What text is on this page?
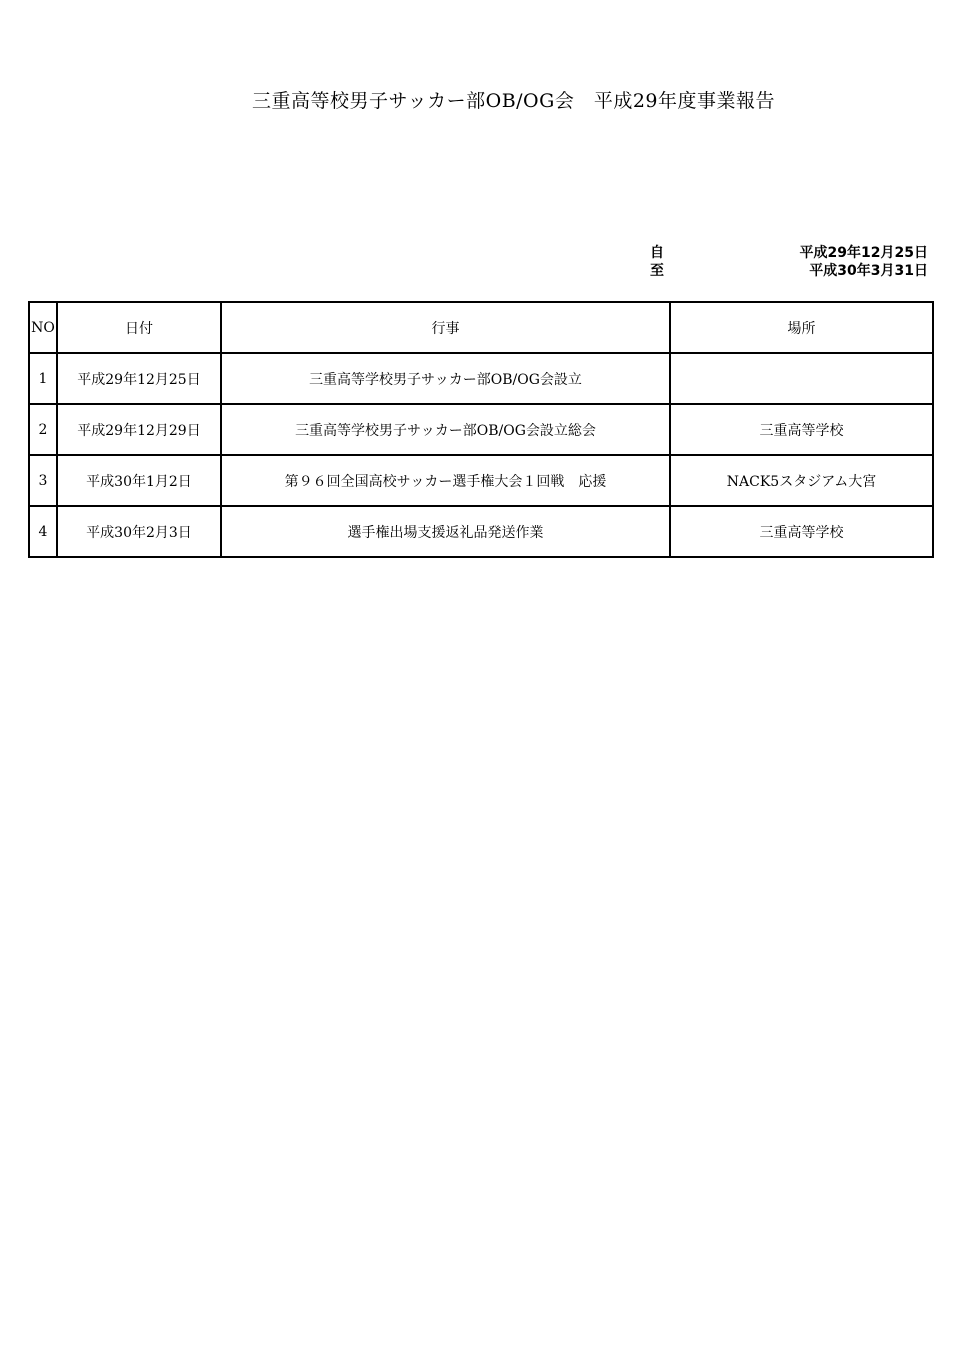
三重高等校男子サッカー部OB/OG会　平成29年度事業報告
自	平成29年12月25日
至	平成30年3月31日
NO	日付	行事	場所
1	平成29年12月25日	三重高等学校男子サッカー部OB/OG会設立	
2	平成29年12月29日	三重高等学校男子サッカー部OB/OG会設立総会	三重高等学校
3	平成30年1月2日	第９６回全国高校サッカー選手権大会１回戦　応援	NACK5スタジアム大宮
4	平成30年2月3日	選手権出場支援返礼品発送作業	三重高等学校
